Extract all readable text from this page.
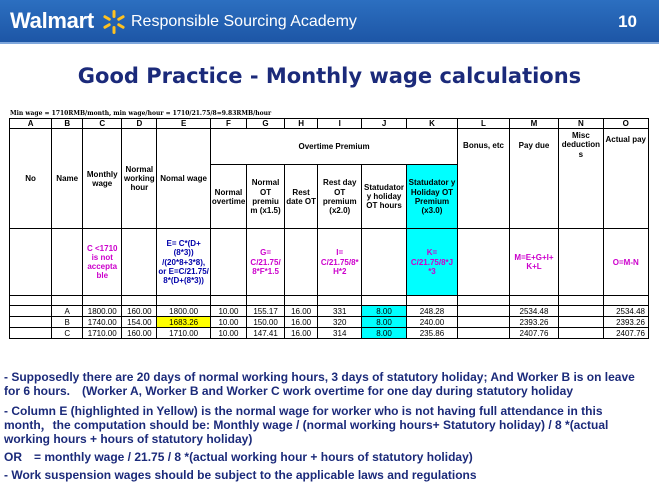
Walmart Responsible Sourcing Academy	10
Good Practice - Monthly wage calculations
Min wage = 1710RMB/month, min wage/hour = 1710/21.75/8=9.83RMB/hour
A	B	C	D	E	F	G	H	I	J	K	L	M	N	O
No	Name	Monthly wage	Normal working hour	Nomal wage	Overtime Premium						Bonus, etc	Pay due	Misc deduction s	Actual pay
					Normal overtime	Normal OT premiu m (x1.5)	Rest date OT	Rest day OT premium (x2.0)	Statudator y holiday OT hours	Statudator y Holiday OT Premium (x3.0)				
		C <1710 is not accepta ble		E= C*(D+(8*3)) /(20*8+3*8), or E=C/21.75/ 8*(D+(8*3))		G= C/21.75/ 8*F*1.5		I= C/21.75/8* H*2		K= C/21.75/8*J *3		M=E+G+I+ K+L		O=M-N

	A	1800.00	160.00	1800.00	10.00	155.17	16.00	331	8.00	248.28		2534.48		2534.48
	B	1740.00	154.00	1683.26	10.00	150.00	16.00	320	8.00	240.00		2393.26		2393.26
	C	1710.00	160.00	1710.00	10.00	147.41	16.00	314	8.00	235.86		2407.76		2407.76

- Supposedly there are 20 days of normal working hours, 3 days of statutory holiday; And Worker B is on leave for 6 hours.　(Worker A, Worker B and Worker C work overtime for one day during statutory holiday

- Column E (highlighted in Yellow) is the normal wage for worker who is not having full attendance in this month，the computation should be: Monthly wage / (normal working hours+ Statutory holiday) / 8 *(actual working hours + hours of statutory holiday)

OR　= monthly wage / 21.75 / 8 *(actual working hour + hours of statutory holiday)

- Work suspension wages should be subject to the applicable laws and regulations
